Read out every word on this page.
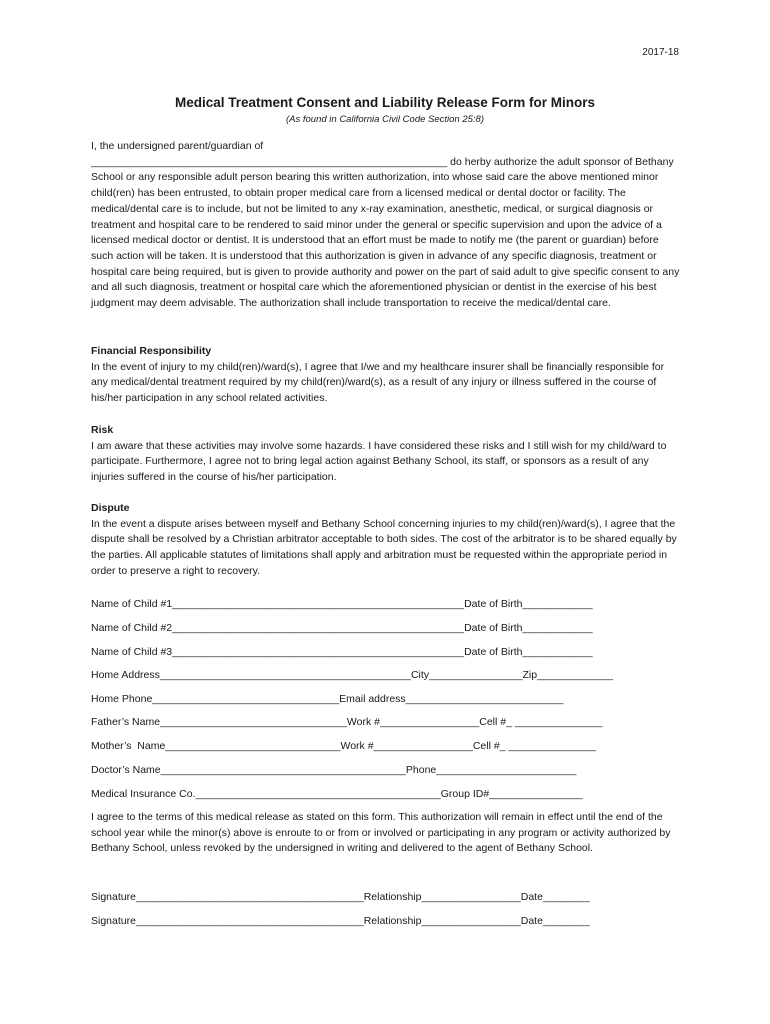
2017-18
Medical Treatment Consent and Liability Release Form for Minors
(As found in California Civil Code Section 25:8)

I, the undersigned parent/guardian of

_____________________________________________________________ do herby authorize the adult sponsor of Bethany School or any responsible adult person bearing this written authorization, into whose said care the above mentioned minor child(ren) has been entrusted, to obtain proper medical care from a licensed medical or dental doctor or facility. The medical/dental care is to include, but not be limited to any x-ray examination, anesthetic, medical, or surgical diagnosis or treatment and hospital care to be rendered to said minor under the general or specific supervision and upon the advice of a licensed medical doctor or dentist. It is understood that an effort must be made to notify me (the parent or guardian) before such action will be taken. It is understood that this authorization is given in advance of any specific diagnosis, treatment or hospital care being required, but is given to provide authority and power on the part of said adult to give specific consent to any and all such diagnosis, treatment or hospital care which the aforementioned physician or dentist in the exercise of his best judgment may deem advisable. The authorization shall include transportation to receive the medical/dental care.

Financial Responsibility

In the event of injury to my child(ren)/ward(s), I agree that I/we and my healthcare insurer shall be financially responsible for any medical/dental treatment required by my child(ren)/ward(s), as a result of any injury or illness suffered in the course of his/her participation in any school related activities.

Risk

I am aware that these activities may involve some hazards. I have considered these risks and I still wish for my child/ward to participate. Furthermore, I agree not to bring legal action against Bethany School, its staff, or sponsors as a result of any injuries suffered in the course of his/her participation.

Dispute

In the event a dispute arises between myself and Bethany School concerning injuries to my child(ren)/ward(s), I agree that the dispute shall be resolved by a Christian arbitrator acceptable to both sides. The cost of the arbitrator is to be shared equally by the parties. All applicable statutes of limitations shall apply and arbitration must be requested within the appropriate period in order to preserve a right to recovery.

Name of Child #1__________________________________________________Date of Birth____________
Name of Child #2__________________________________________________Date of Birth____________
Name of Child #3__________________________________________________Date of Birth____________
Home Address___________________________________________City________________Zip_____________
Home Phone________________________________Email address___________________________
Father’s Name________________________________Work #_________________Cell #_ _______________
Mother’s  Name______________________________Work #_________________Cell #_ _______________
Doctor’s Name__________________________________________Phone________________________
Medical Insurance Co.__________________________________________Group ID#________________

I agree to the terms of this medical release as stated on this form. This authorization will remain in effect until the end of the school year while the minor(s) above is enroute to or from or involved or participating in any program or activity authorized by Bethany School, unless revoked by the undersigned in writing and delivered to the agent of Bethany School.

Signature_______________________________________Relationship_________________Date________
Signature_______________________________________Relationship_________________Date________
